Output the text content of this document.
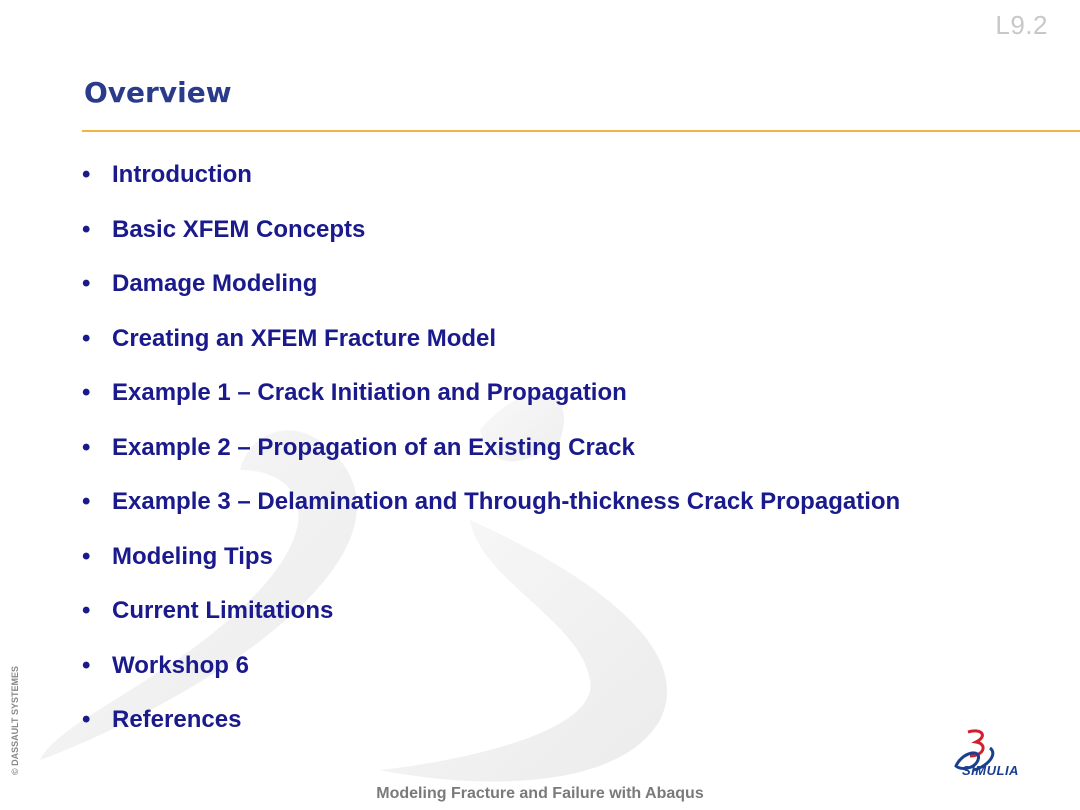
L9.2
Overview
• Introduction
• Basic XFEM Concepts
• Damage Modeling
• Creating an XFEM Fracture Model
• Example 1 – Crack Initiation and Propagation
• Example 2 – Propagation of an Existing Crack
• Example 3 – Delamination and Through-thickness Crack Propagation
• Modeling Tips
• Current Limitations
• Workshop 6
• References
© DASSAULT SYSTEMES
Modeling Fracture and Failure with Abaqus
SIMULIA
